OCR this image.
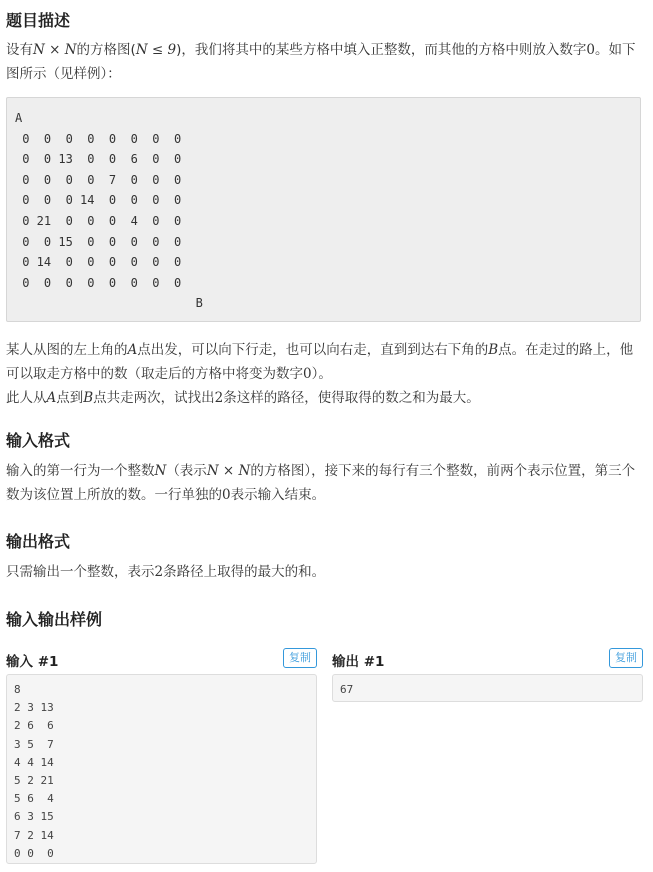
题目描述

设有N × N的方格图(N ≤ 9)，我们将其中的某些方格中填入正整数，而其他的方格中则放入数字0。如下图所示（见样例）：

A
0  0  0  0  0  0  0  0
0  0 13  0  0  6  0  0
0  0  0  0  7  0  0  0
0  0  0 14  0  0  0  0
0 21  0  0  0  4  0  0
0  0 15  0  0  0  0  0
0 14  0  0  0  0  0  0
0  0  0  0  0  0  0  0
B

某人从图的左上角的A点出发，可以向下行走，也可以向右走，直到到达右下角的B点。在走过的路上，他可以取走方格中的数（取走后的方格中将变为数字0）。

此人从A点到B点共走两次，试找出2条这样的路径，使得取得的数之和为最大。

输入格式

输入的第一行为一个整数N（表示N × N的方格图），接下来的每行有三个整数，前两个表示位置，第三个数为该位置上所放的数。一行单独的0表示输入结束。

输出格式

只需输出一个整数，表示2条路径上取得的最大的和。

输入输出样例
输入 #1	复制
8
2 3 13
2 6  6
3 5  7
4 4 14
5 2 21
5 6  4
6 3 15
7 2 14
0 0  0
输出 #1	复制
67
